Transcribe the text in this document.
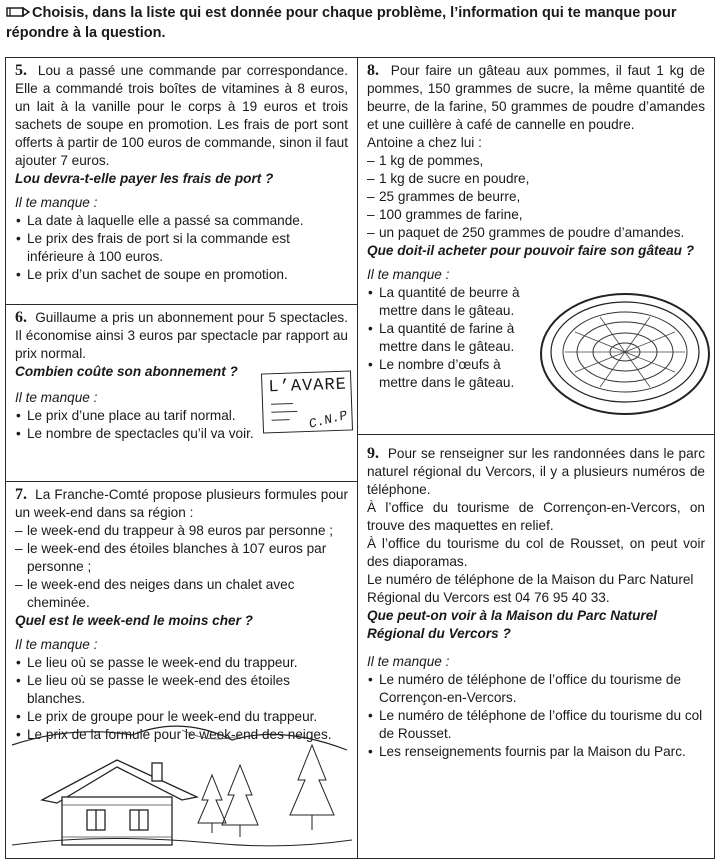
Choisis, dans la liste qui est donnée pour chaque problème, l’information qui te manque pour répondre à la question.

5. Lou a passé une commande par correspondance. Elle a commandé trois boîtes de vitamines à 8 euros, un lait à la vanille pour le corps à 19 euros et trois sachets de soupe en promotion. Les frais de port sont offerts à partir de 100 euros de commande, sinon il faut ajouter 7 euros.

Lou devra-t-elle payer les frais de port ?

Il te manque :

• La date à laquelle elle a passé sa commande.
• Le prix des frais de port si la commande est inférieure à 100 euros.
• Le prix d’un sachet de soupe en promotion.

6. Guillaume a pris un abonnement pour 5 spectacles. Il économise ainsi 3 euros par spectacle par rapport au prix normal.

Combien coûte son abonnement ?

Il te manque :

• Le prix d’une place au tarif normal.
• Le nombre de spectacles qu’il va voir.
L’AVARE
C.N.P

7. La Franche-Comté propose plusieurs formules pour un week-end dans sa région :

– le week-end du trappeur à 98 euros par personne ;
– le week-end des étoiles blanches à 107 euros par personne ;
– le week-end des neiges dans un chalet avec cheminée.

Quel est le week-end le moins cher ?

Il te manque :

• Le lieu où se passe le week-end du trappeur.
• Le lieu où se passe le week-end des étoiles blanches.
• Le prix de groupe pour le week-end du trappeur.
• Le prix de la formule pour le week-end des neiges.

8. Pour faire un gâteau aux pommes, il faut 1 kg de pommes, 150 grammes de sucre, la même quantité de beurre, de la farine, 50 grammes de poudre d’amandes et une cuillère à café de cannelle en poudre.

Antoine a chez lui :

– 1 kg de pommes,
– 1 kg de sucre en poudre,
– 25 grammes de beurre,
– 100 grammes de farine,
– un paquet de 250 grammes de poudre d’amandes.

Que doit-il acheter pour pouvoir faire son gâteau ?

Il te manque :

• La quantité de beurre à mettre dans le gâteau.
• La quantité de farine à mettre dans le gâteau.
• Le nombre d’œufs à mettre dans le gâteau.

9. Pour se renseigner sur les randonnées dans le parc naturel régional du Vercors, il y a plusieurs numéros de téléphone.

À l’office du tourisme de Corrençon-en-Vercors, on trouve des maquettes en relief.

À l’office du tourisme du col de Rousset, on peut voir des diaporamas.

Le numéro de téléphone de la Maison du Parc Naturel Régional du Vercors est 04 76 95 40 33.

Que peut-on voir à la Maison du Parc Naturel Régional du Vercors ?

Il te manque :

• Le numéro de téléphone de l’office du tourisme de Corrençon-en-Vercors.
• Le numéro de téléphone de l’office du tourisme du col de Rousset.
• Les renseignements fournis par la Maison du Parc.
